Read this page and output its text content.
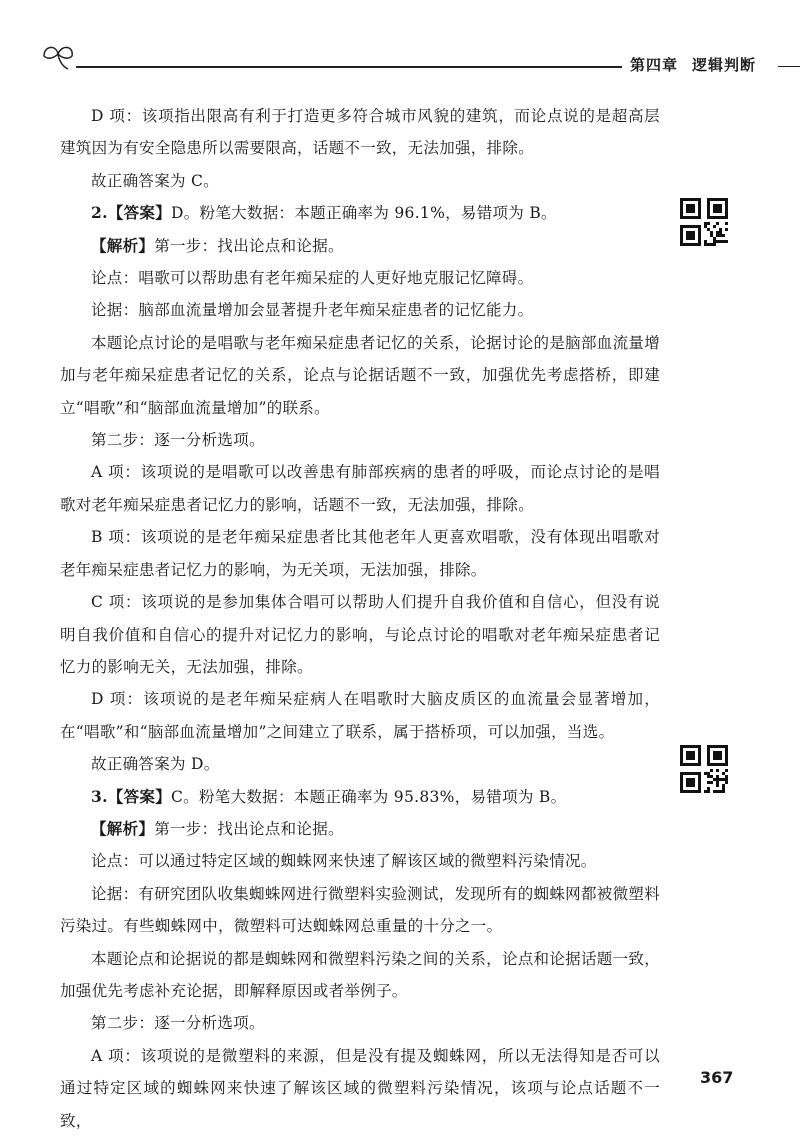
第四章 逻辑判断

D 项：该项指出限高有利于打造更多符合城市风貌的建筑，而论点说的是超高层建筑因为有安全隐患所以需要限高，话题不一致，无法加强，排除。

故正确答案为 C。

2.【答案】D。粉笔大数据：本题正确率为 96.1%，易错项为 B。

【解析】第一步：找出论点和论据。

论点：唱歌可以帮助患有老年痴呆症的人更好地克服记忆障碍。

论据：脑部血流量增加会显著提升老年痴呆症患者的记忆能力。

本题论点讨论的是唱歌与老年痴呆症患者记忆的关系，论据讨论的是脑部血流量增加与老年痴呆症患者记忆的关系，论点与论据话题不一致，加强优先考虑搭桥，即建立“唱歌”和“脑部血流量增加”的联系。

第二步：逐一分析选项。

A 项：该项说的是唱歌可以改善患有肺部疾病的患者的呼吸，而论点讨论的是唱歌对老年痴呆症患者记忆力的影响，话题不一致，无法加强，排除。

B 项：该项说的是老年痴呆症患者比其他老年人更喜欢唱歌，没有体现出唱歌对老年痴呆症患者记忆力的影响，为无关项，无法加强，排除。

C 项：该项说的是参加集体合唱可以帮助人们提升自我价值和自信心，但没有说明自我价值和自信心的提升对记忆力的影响，与论点讨论的唱歌对老年痴呆症患者记忆力的影响无关，无法加强，排除。

D 项：该项说的是老年痴呆症病人在唱歌时大脑皮质区的血流量会显著增加，在“唱歌”和“脑部血流量增加”之间建立了联系，属于搭桥项，可以加强，当选。

故正确答案为 D。

3.【答案】C。粉笔大数据：本题正确率为 95.83%，易错项为 B。

【解析】第一步：找出论点和论据。

论点：可以通过特定区域的蜘蛛网来快速了解该区域的微塑料污染情况。

论据：有研究团队收集蜘蛛网进行微塑料实验测试，发现所有的蜘蛛网都被微塑料污染过。有些蜘蛛网中，微塑料可达蜘蛛网总重量的十分之一。

本题论点和论据说的都是蜘蛛网和微塑料污染之间的关系，论点和论据话题一致，加强优先考虑补充论据，即解释原因或者举例子。

第二步：逐一分析选项。

A 项：该项说的是微塑料的来源，但是没有提及蜘蛛网，所以无法得知是否可以通过特定区域的蜘蛛网来快速了解该区域的微塑料污染情况，该项与论点话题不一致，

367
